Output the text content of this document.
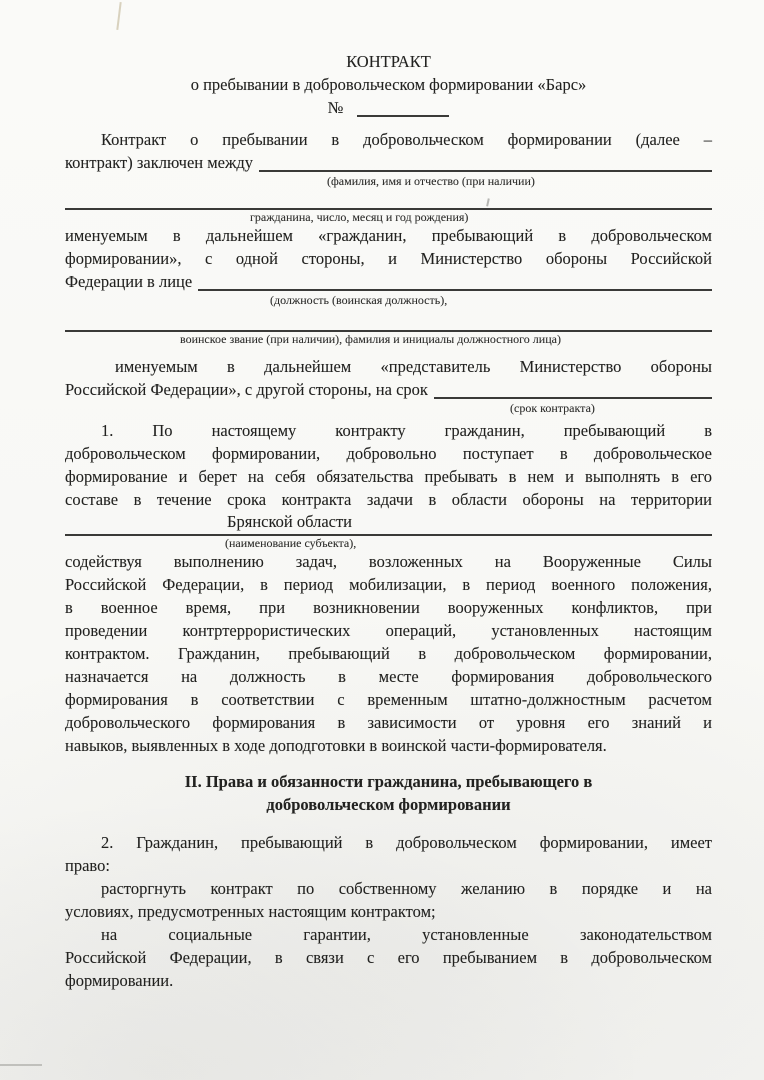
КОНТРАКТ
о пребывании в добровольческом формировании «Барс»
№
Контракт о пребывании в добровольческом формировании (далее –
контракт) заключен между
(фамилия, имя и отчество (при наличии)
гражданина, число, месяц и год рождения)
именуемым в дальнейшем «гражданин, пребывающий в добровольческом
формировании», с одной стороны, и Министерство обороны Российской
Федерации в лице
(должность (воинская должность),
воинское звание (при наличии), фамилия и инициалы должностного лица)
именуемым в дальнейшем «представитель Министерство обороны
Российской Федерации», с другой стороны, на срок
(срок контракта)
1. По настоящему контракту гражданин, пребывающий в
добровольческом формировании, добровольно поступает в добровольческое
формирование и берет на себя обязательства пребывать в нем и выполнять в его
составе в течение срока контракта задачи в области обороны на территории
Брянской области
(наименование субъекта),
содействуя выполнению задач, возложенных на Вооруженные Силы
Российской Федерации, в период мобилизации, в период военного положения,
в военное время, при возникновении вооруженных конфликтов, при
проведении контртеррористических операций, установленных настоящим
контрактом. Гражданин, пребывающий в добровольческом формировании,
назначается на должность в месте формирования добровольческого
формирования в соответствии с временным штатно-должностным расчетом
добровольческого формирования в зависимости от уровня его знаний и
навыков, выявленных в ходе доподготовки в воинской части-формирователя.
II. Права и обязанности гражданина, пребывающего в
добровольческом формировании
2. Гражданин, пребывающий в добровольческом формировании, имеет
право:
расторгнуть контракт по собственному желанию в порядке и на
условиях, предусмотренных настоящим контрактом;
на социальные гарантии, установленные законодательством
Российской Федерации, в связи с его пребыванием в добровольческом
формировании.
